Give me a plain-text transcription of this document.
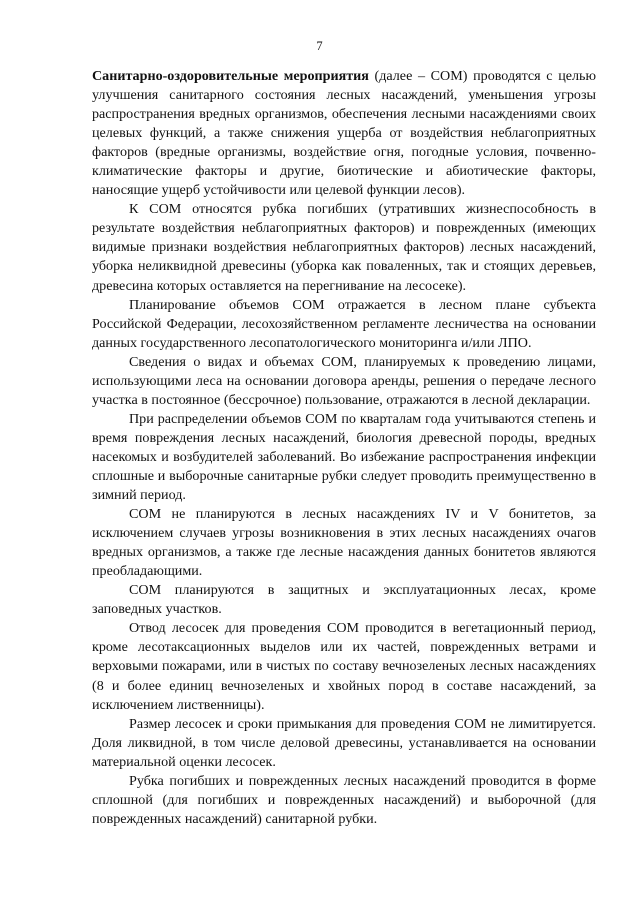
7

Санитарно-оздоровительные мероприятия (далее – СОМ) проводятся с целью улучшения санитарного состояния лесных насаждений, уменьшения угрозы распространения вредных организмов, обеспечения лесными насаждениями своих целевых функций, а также снижения ущерба от воздействия неблагоприятных факторов (вредные организмы, воздействие огня, погодные условия, почвенно-климатические факторы и другие, биотические и абиотические факторы, наносящие ущерб устойчивости или целевой функции лесов).

К СОМ относятся рубка погибших (утративших жизнеспособность в результате воздействия неблагоприятных факторов) и поврежденных (имеющих видимые признаки воздействия неблагоприятных факторов) лесных насаждений, уборка неликвидной древесины (уборка как поваленных, так и стоящих деревьев, древесина которых оставляется на перегнивание на лесосеке).

Планирование объемов СОМ отражается в лесном плане субъекта Российской Федерации, лесохозяйственном регламенте лесничества на основании данных государственного лесопатологического мониторинга и/или ЛПО.

Сведения о видах и объемах СОМ, планируемых к проведению лицами, использующими леса на основании договора аренды, решения о передаче лесного участка в постоянное (бессрочное) пользование, отражаются в лесной декларации.

При распределении объемов СОМ по кварталам года учитываются степень и время повреждения лесных насаждений, биология древесной породы, вредных насекомых и возбудителей заболеваний. Во избежание распространения инфекции сплошные и выборочные санитарные рубки следует проводить преимущественно в зимний период.

СОМ не планируются в лесных насаждениях IV и V бонитетов, за исключением случаев угрозы возникновения в этих лесных насаждениях очагов вредных организмов, а также где лесные насаждения данных бонитетов являются преобладающими.

СОМ планируются в защитных и эксплуатационных лесах, кроме заповедных участков.

Отвод лесосек для проведения СОМ проводится в вегетационный период, кроме лесотаксационных выделов или их частей, поврежденных ветрами и верховыми пожарами, или в чистых по составу вечнозеленых лесных насаждениях (8 и более единиц вечнозеленых и хвойных пород в составе насаждений, за исключением лиственницы).

Размер лесосек и сроки примыкания для проведения СОМ не лимитируется. Доля ликвидной, в том числе деловой древесины, устанавливается на основании материальной оценки лесосек.

Рубка погибших и поврежденных лесных насаждений проводится в форме сплошной (для погибших и поврежденных насаждений) и выборочной (для поврежденных насаждений) санитарной рубки.
